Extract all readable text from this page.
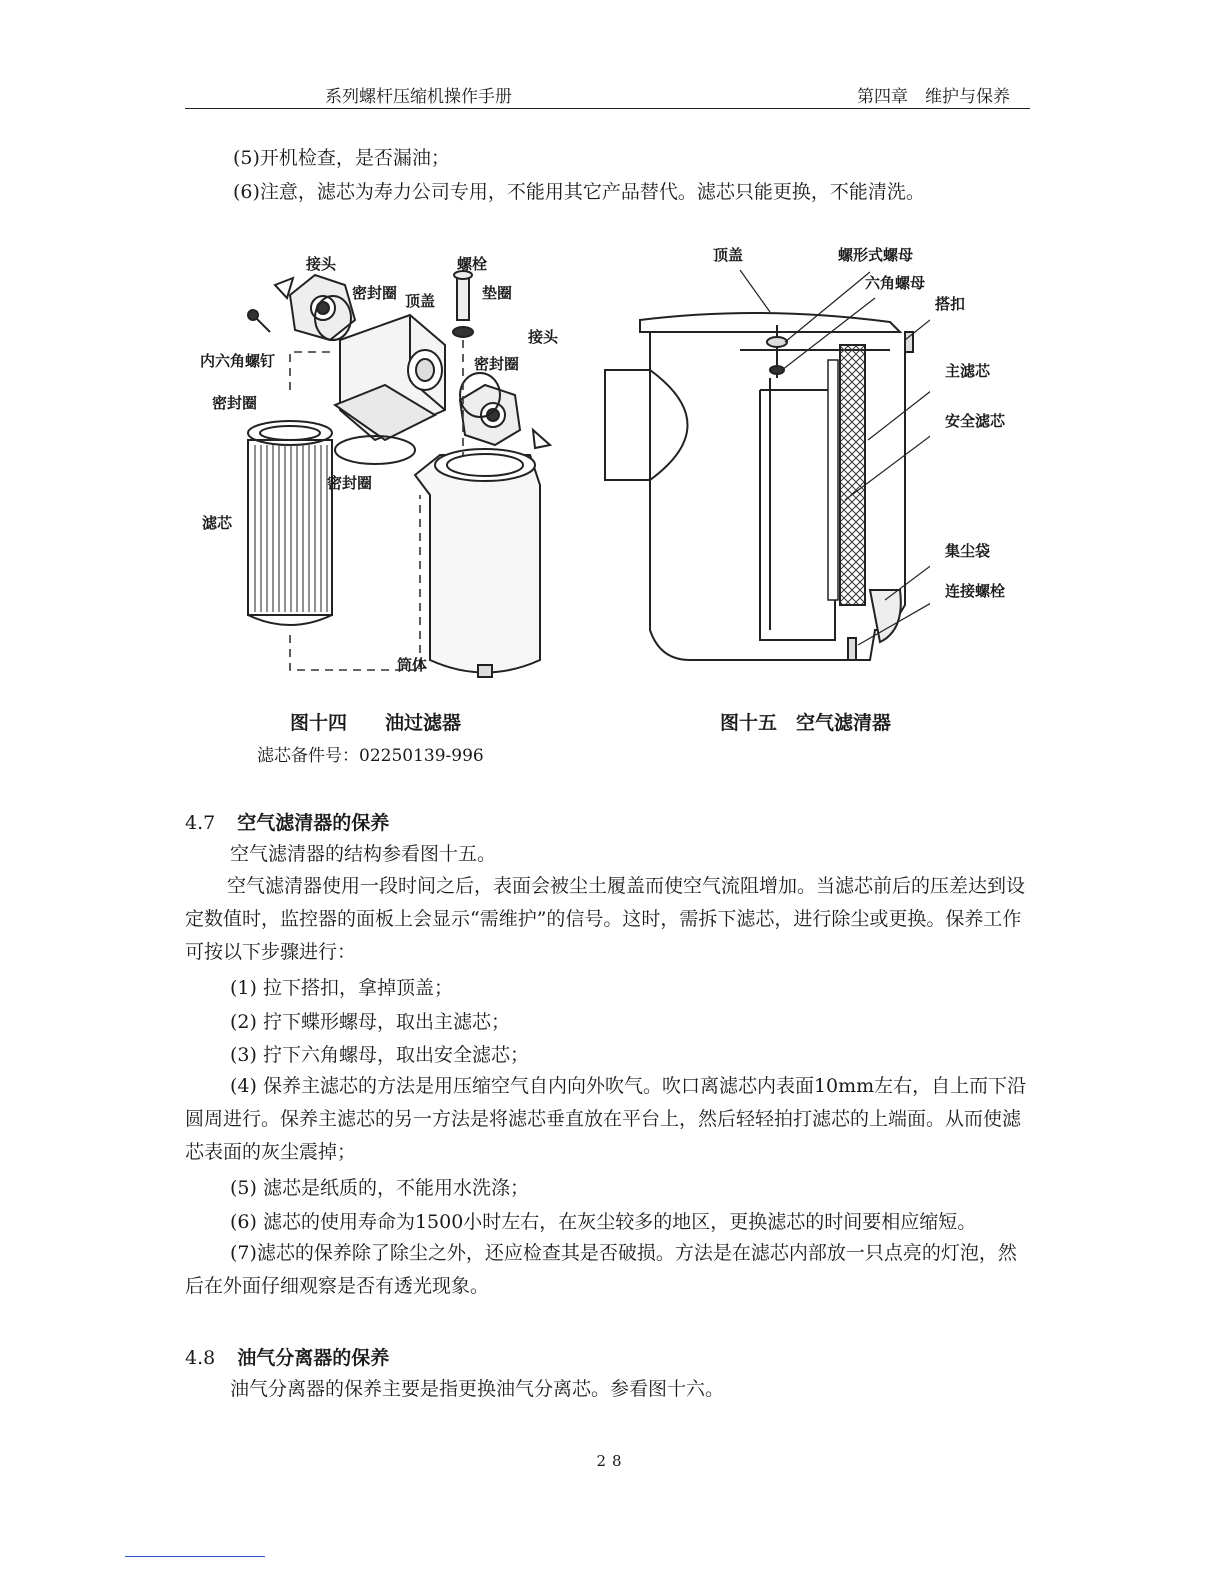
系列螺杆压缩机操作手册	第四章　维护与保养
(5)开机检查，是否漏油；
(6)注意，滤芯为寿力公司专用，不能用其它产品替代。滤芯只能更换，不能清洗。
接头	螺栓
密封圈 顶盖	垫圈
接头
内六角螺钉	密封圈
密封圈
密封圈
滤芯
筒体
顶盖	螺形式螺母
六角螺母
搭扣
主滤芯
安全滤芯
集尘袋
连接螺栓
图十四　　油过滤器	图十五　空气滤清器
滤芯备件号：02250139-996
4.7 空气滤清器的保养
空气滤清器的结构参看图十五。
空气滤清器使用一段时间之后，表面会被尘土履盖而使空气流阻增加。当滤芯前后的压差达到设定数值时，监控器的面板上会显示“需维护”的信号。这时，需拆下滤芯，进行除尘或更换。保养工作可按以下步骤进行：
(1) 拉下搭扣，拿掉顶盖；
(2) 拧下蝶形螺母，取出主滤芯；
(3) 拧下六角螺母，取出安全滤芯；
(4) 保养主滤芯的方法是用压缩空气自内向外吹气。吹口离滤芯内表面10mm左右，自上而下沿圆周进行。保养主滤芯的另一方法是将滤芯垂直放在平台上，然后轻轻拍打滤芯的上端面。从而使滤芯表面的灰尘震掉；
(5) 滤芯是纸质的，不能用水洗涤；
(6) 滤芯的使用寿命为1500小时左右，在灰尘较多的地区，更换滤芯的时间要相应缩短。
(7)滤芯的保养除了除尘之外，还应检查其是否破损。方法是在滤芯内部放一只点亮的灯泡，然后在外面仔细观察是否有透光现象。
4.8 油气分离器的保养
油气分离器的保养主要是指更换油气分离芯。参看图十六。
28
